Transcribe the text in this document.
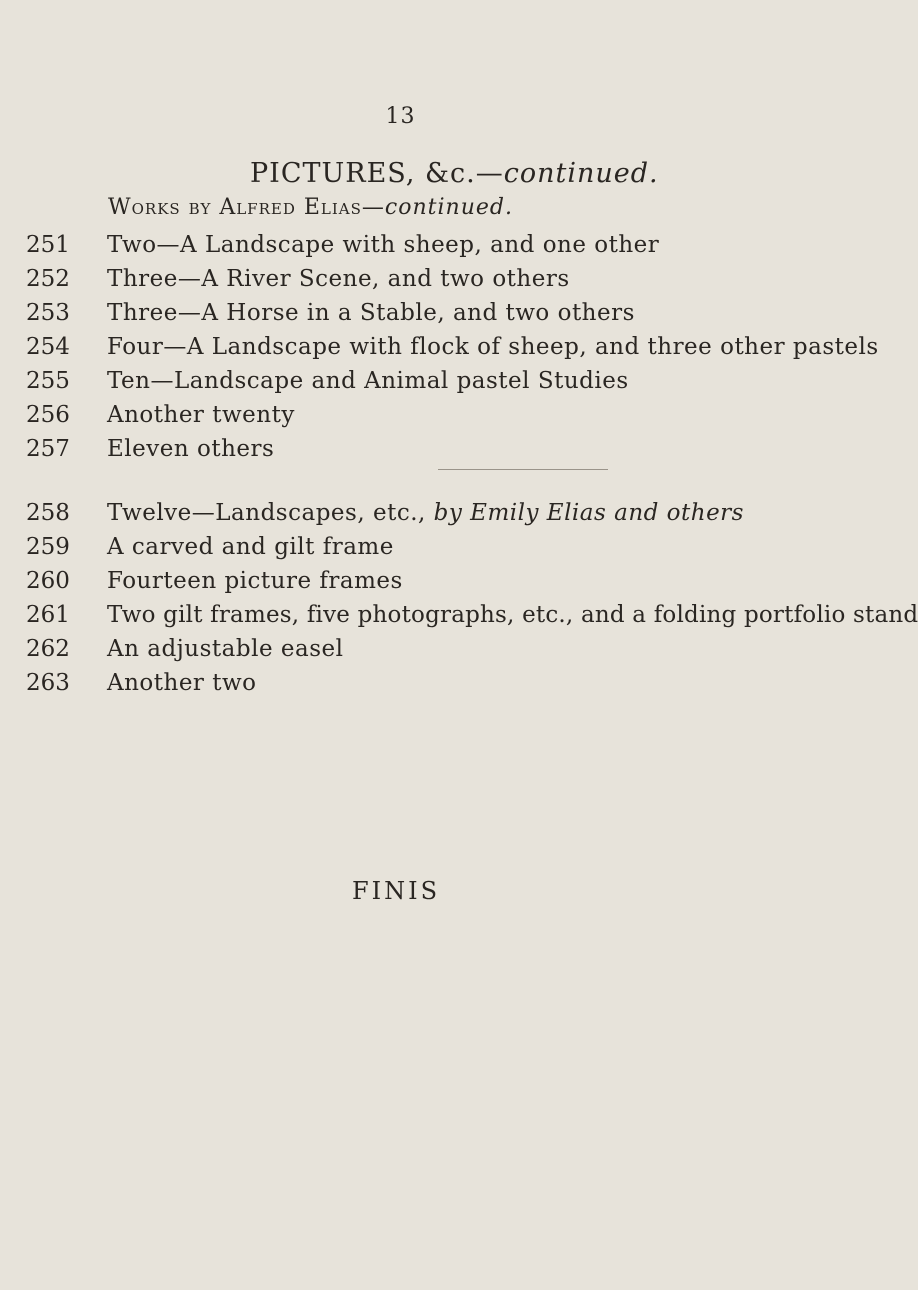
13
PICTURES, &c.—continued.
Works by Alfred Elias—continued.
251	Two—A Landscape with sheep, and one other
252	Three—A River Scene, and two others
253	Three—A Horse in a Stable, and two others
254	Four—A Landscape with flock of sheep, and three other pastels
255	Ten—Landscape and Animal pastel Studies
256	Another twenty
257	Eleven others
258	Twelve—Landscapes, etc., by Emily Elias and others
259	A carved and gilt frame
260	Fourteen picture frames
261	Two gilt frames, five photographs, etc., and a folding portfolio stand
262	An adjustable easel
263	Another two
FINIS
